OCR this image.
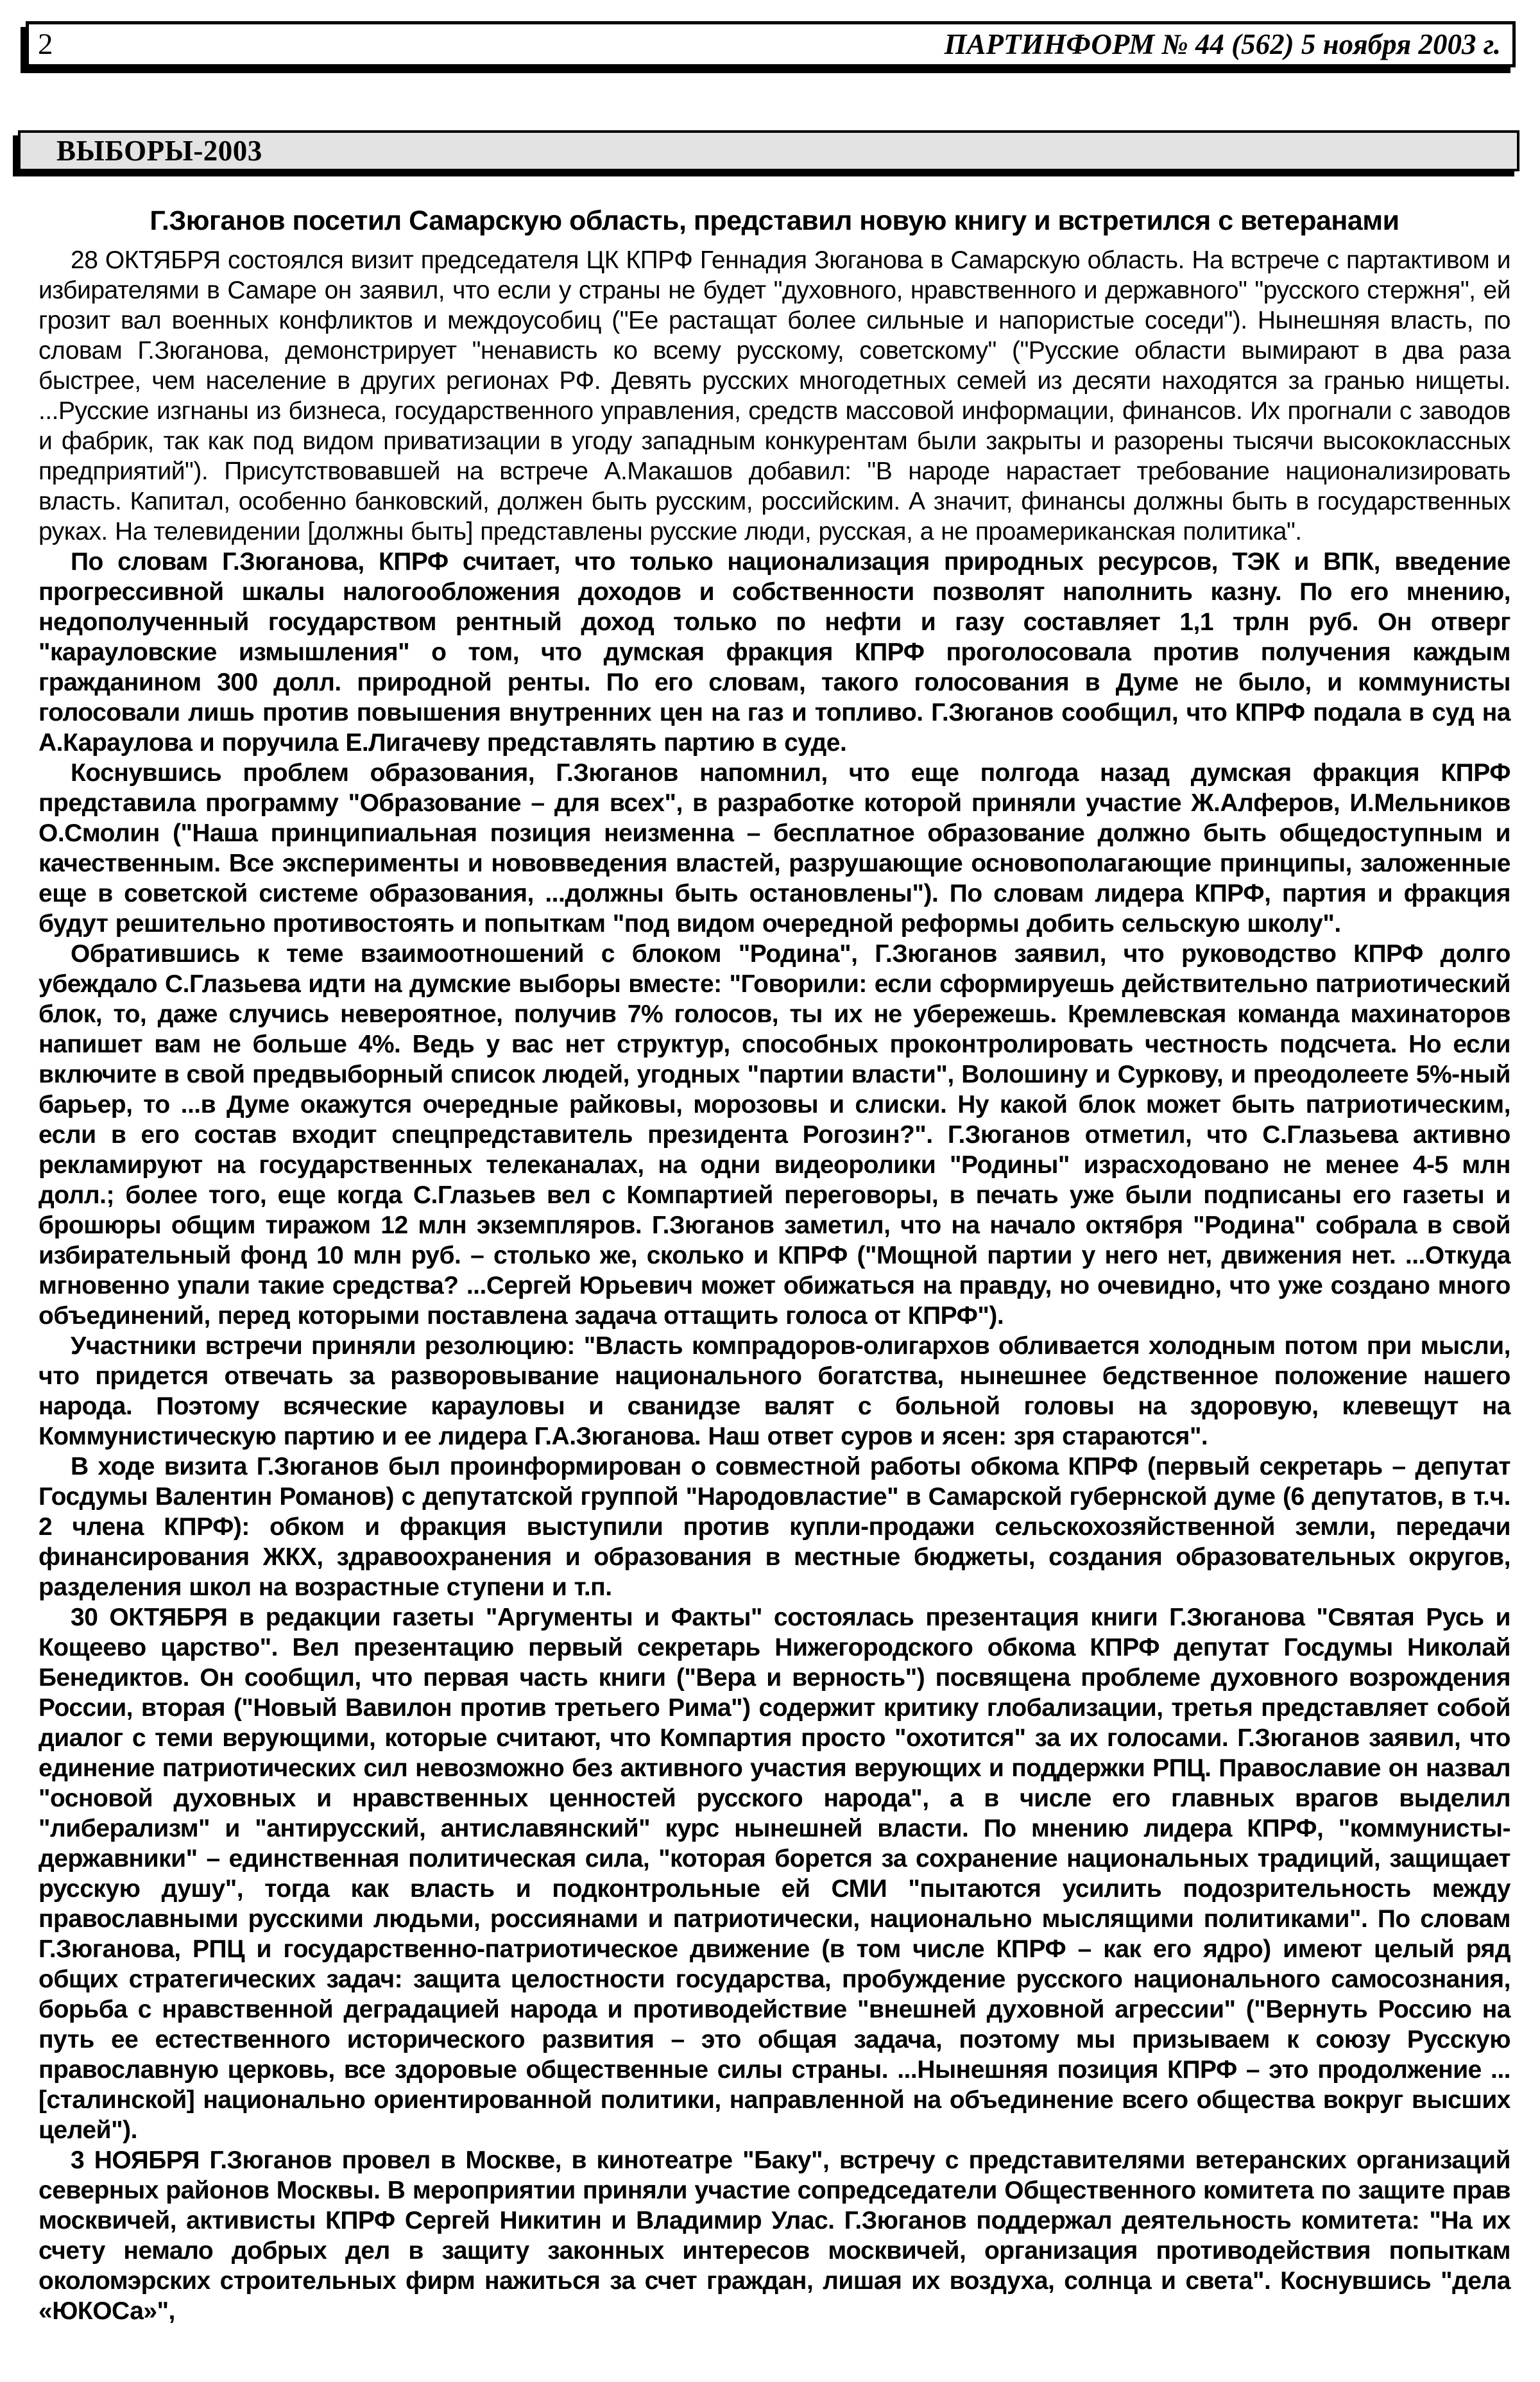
2	ПАРТИНФОРМ № 44 (562) 5 ноября 2003 г.
ВЫБОРЫ-2003
Г.Зюганов посетил Самарскую область, представил новую книгу и встретился с ветеранами

28 ОКТЯБРЯ состоялся визит председателя ЦК КПРФ Геннадия Зюганова в Самарскую область. На встрече с партактивом и избирателями в Самаре он заявил, что если у страны не будет "духовного, нравственного и державного" "русского стержня", ей грозит вал военных конфликтов и междоусобиц ("Ее растащат более сильные и напористые соседи"). Нынешняя власть, по словам Г.Зюганова, демонстрирует "ненависть ко всему русскому, советскому" ("Русские области вымирают в два раза быстрее, чем население в других регионах РФ. Девять русских многодетных семей из десяти находятся за гранью нищеты. ...Русские изгнаны из бизнеса, государственного управления, средств массовой информации, финансов. Их прогнали с заводов и фабрик, так как под видом приватизации в угоду западным конкурентам были закрыты и разорены тысячи высококлассных предприятий"). Присутствовавшей на встрече А.Макашов добавил: "В народе нарастает требование национализировать власть. Капитал, особенно банковский, должен быть русским, российским. А значит, финансы должны быть в государственных руках. На телевидении [должны быть] представлены русские люди, русская, а не проамериканская политика".

По словам Г.Зюганова, КПРФ считает, что только национализация природных ресурсов, ТЭК и ВПК, введение прогрессивной шкалы налогообложения доходов и собственности позволят наполнить казну. По его мнению, недополученный государством рентный доход только по нефти и газу составляет 1,1 трлн руб. Он отверг "карауловские измышления" о том, что думская фракция КПРФ проголосовала против получения каждым гражданином 300 долл. природной ренты. По его словам, такого голосования в Думе не было, и коммунисты голосовали лишь против повышения внутренних цен на газ и топливо. Г.Зюганов сообщил, что КПРФ подала в суд на А.Караулова и поручила Е.Лигачеву представлять партию в суде.

Коснувшись проблем образования, Г.Зюганов напомнил, что еще полгода назад думская фракция КПРФ представила программу "Образование – для всех", в разработке которой приняли участие Ж.Алферов, И.Мельников О.Смолин ("Наша принципиальная позиция неизменна – бесплатное образование должно быть общедоступным и качественным. Все эксперименты и нововведения властей, разрушающие основополагающие принципы, заложенные еще в советской системе образования, ...должны быть остановлены"). По словам лидера КПРФ, партия и фракция будут решительно противостоять и попыткам "под видом очередной реформы добить сельскую школу".

Обратившись к теме взаимоотношений с блоком "Родина", Г.Зюганов заявил, что руководство КПРФ долго убеждало С.Глазьева идти на думские выборы вместе: "Говорили: если сформируешь действительно патриотический блок, то, даже случись невероятное, получив 7% голосов, ты их не убережешь. Кремлевская команда махинаторов напишет вам не больше 4%. Ведь у вас нет структур, способных проконтролировать честность подсчета. Но если включите в свой предвыборный список людей, угодных "партии власти", Волошину и Суркову, и преодолеете 5%-ный барьер, то ...в Думе окажутся очередные райковы, морозовы и слиски. Ну какой блок может быть патриотическим, если в его состав входит спецпредставитель президента Рогозин?". Г.Зюганов отметил, что С.Глазьева активно рекламируют на государственных телеканалах, на одни видеоролики "Родины" израсходовано не менее 4-5 млн долл.; более того, еще когда С.Глазьев вел с Компартией переговоры, в печать уже были подписаны его газеты и брошюры общим тиражом 12 млн экземпляров. Г.Зюганов заметил, что на начало октября "Родина" собрала в свой избирательный фонд 10 млн руб. – столько же, сколько и КПРФ ("Мощной партии у него нет, движения нет. ...Откуда мгновенно упали такие средства? ...Сергей Юрьевич может обижаться на правду, но очевидно, что уже создано много объединений, перед которыми поставлена задача оттащить голоса от КПРФ").

Участники встречи приняли резолюцию: "Власть компрадоров-олигархов обливается холодным потом при мысли, что придется отвечать за разворовывание национального богатства, нынешнее бедственное положение нашего народа. Поэтому всяческие карауловы и сванидзе валят с больной головы на здоровую, клевещут на Коммунистическую партию и ее лидера Г.А.Зюганова. Наш ответ суров и ясен: зря стараются".

В ходе визита Г.Зюганов был проинформирован о совместной работы обкома КПРФ (первый секретарь – депутат Госдумы Валентин Романов) с депутатской группой "Народовластие" в Самарской губернской думе (6 депутатов, в т.ч. 2 члена КПРФ): обком и фракция выступили против купли-продажи сельскохозяйственной земли, передачи финансирования ЖКХ, здравоохранения и образования в местные бюджеты, создания образовательных округов, разделения школ на возрастные ступени и т.п.

30 ОКТЯБРЯ в редакции газеты "Аргументы и Факты" состоялась презентация книги Г.Зюганова "Святая Русь и Кощеево царство". Вел презентацию первый секретарь Нижегородского обкома КПРФ депутат Госдумы Николай Бенедиктов. Он сообщил, что первая часть книги ("Вера и верность") посвящена проблеме духовного возрождения России, вторая ("Новый Вавилон против третьего Рима") содержит критику глобализации, третья представляет собой диалог с теми верующими, которые считают, что Компартия просто "охотится" за их голосами. Г.Зюганов заявил, что единение патриотических сил невозможно без активного участия верующих и поддержки РПЦ. Православие он назвал "основой духовных и нравственных ценностей русского народа", а в числе его главных врагов выделил "либерализм" и "антирусский, антиславянский" курс нынешней власти. По мнению лидера КПРФ, "коммунисты-державники" – единственная политическая сила, "которая борется за сохранение национальных традиций, защищает русскую душу", тогда как власть и подконтрольные ей СМИ "пытаются усилить подозрительность между православными русскими людьми, россиянами и патриотически, национально мыслящими политиками". По словам Г.Зюганова, РПЦ и государственно-патриотическое движение (в том числе КПРФ – как его ядро) имеют целый ряд общих стратегических задач: защита целостности государства, пробуждение русского национального самосознания, борьба с нравственной деградацией народа и противодействие "внешней духовной агрессии" ("Вернуть Россию на путь ее естественного исторического развития – это общая задача, поэтому мы призываем к союзу Русскую православную церковь, все здоровые общественные силы страны. ...Нынешняя позиция КПРФ – это продолжение ...[сталинской] национально ориентированной политики, направленной на объединение всего общества вокруг высших целей").

3 НОЯБРЯ Г.Зюганов провел в Москве, в кинотеатре "Баку", встречу с представителями ветеранских организаций северных районов Москвы. В мероприятии приняли участие сопредседатели Общественного комитета по защите прав москвичей, активисты КПРФ Сергей Никитин и Владимир Улас. Г.Зюганов поддержал деятельность комитета: "На их счету немало добрых дел в защиту законных интересов москвичей, организация противодействия попыткам околомэрских строительных фирм нажиться за счет граждан, лишая их воздуха, солнца и света". Коснувшись "дела «ЮКОСа»",
